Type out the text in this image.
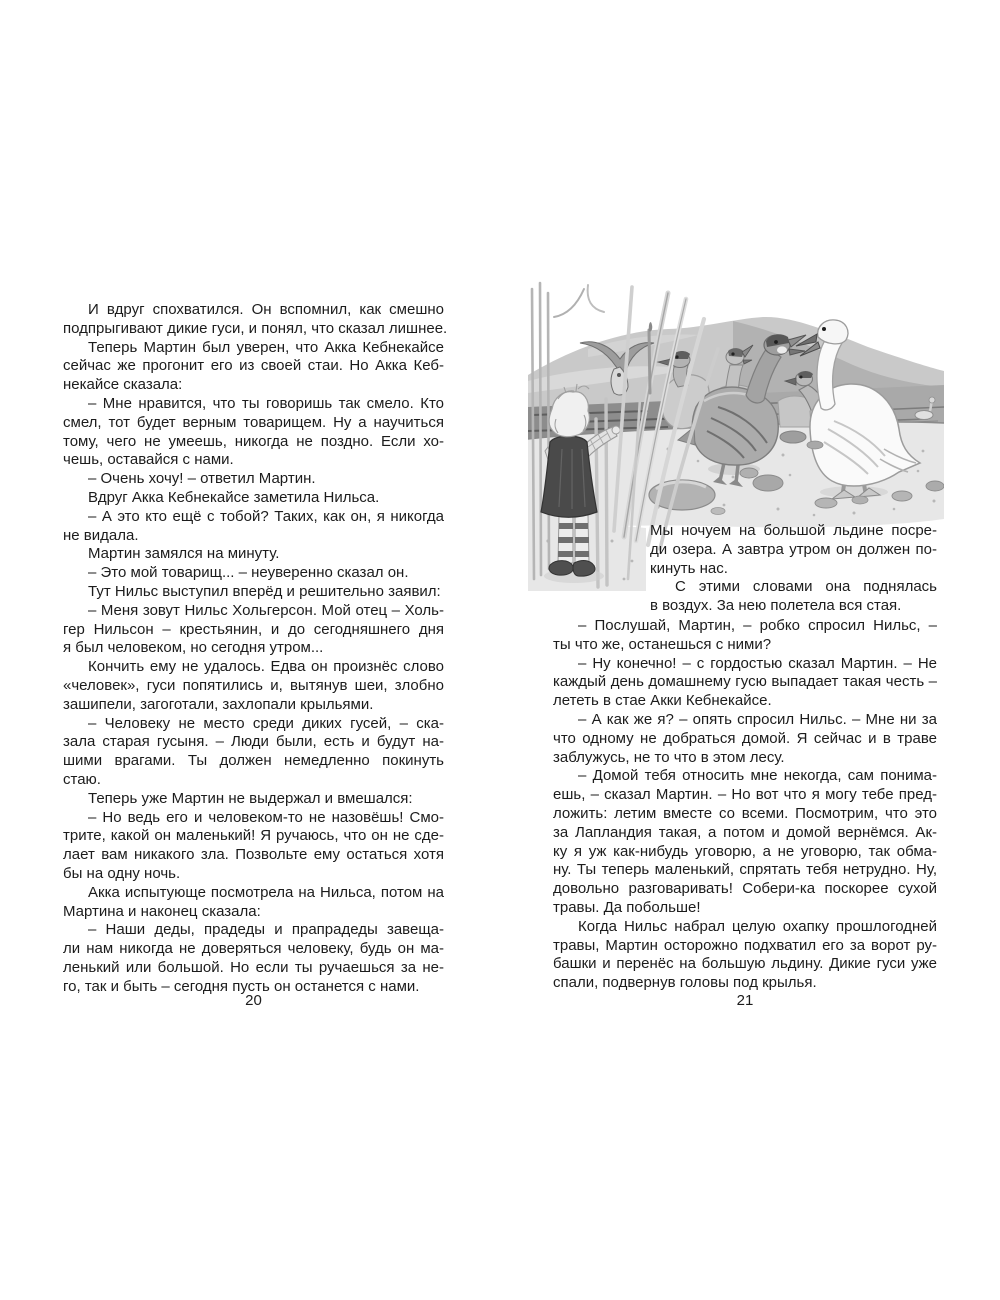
И вдруг спохватился. Он вспомнил, как смешно
подпрыгивают дикие гуси, и понял, что сказал лишнее.
Теперь Мартин был уверен, что Акка Кебнекайсе
сейчас же прогонит его из своей стаи. Но Акка Кеб-
некайсе сказала:
– Мне нравится, что ты говоришь так смело. Кто
смел, тот будет верным товарищем. Ну а научиться
тому, чего не умеешь, никогда не поздно. Если хо-
чешь, оставайся с нами.
– Очень хочу! – ответил Мартин.
Вдруг Акка Кебнекайсе заметила Нильса.
– А это кто ещё с тобой? Таких, как он, я никогда
не видала.
Мартин замялся на минуту.
– Это мой товарищ... – неуверенно сказал он.
Тут Нильс выступил вперёд и решительно заявил:
– Меня зовут Нильс Хольгерсон. Мой отец – Холь-
гер Нильсон – крестьянин, и до сегодняшнего дня
я был человеком, но сегодня утром...
Кончить ему не удалось. Едва он произнёс слово
«человек», гуси попятились и, вытянув шеи, злобно
зашипели, загоготали, захлопали крыльями.
– Человеку не место среди диких гусей, – ска-
зала старая гусыня. – Люди были, есть и будут на-
шими врагами. Ты должен немедленно покинуть
стаю.
Теперь уже Мартин не выдержал и вмешался:
– Но ведь его и человеком-то не назовёшь! Смо-
трите, какой он маленький! Я ручаюсь, что он не сде-
лает вам никакого зла. Позвольте ему остаться хотя
бы на одну ночь.
Акка испытующе посмотрела на Нильса, потом на
Мартина и наконец сказала:
– Наши деды, прадеды и прапрадеды завеща-
ли нам никогда не доверяться человеку, будь он ма-
ленький или большой. Но если ты ручаешься за не-
го, так и быть – сегодня пусть он останется с нами.
20
Мы ночуем на большой льдине посре-
ди озера. А завтра утром он должен по-
кинуть нас.
С этими словами она поднялась
в воздух. За нею полетела вся стая.
– Послушай, Мартин, – робко спросил Нильс, –
ты что же, останешься с ними?
– Ну конечно! – с гордостью сказал Мартин. – Не
каждый день домашнему гусю выпадает такая честь –
лететь в стае Акки Кебнекайсе.
– А как же я? – опять спросил Нильс. – Мне ни за
что одному не добраться домой. Я сейчас и в траве
заблужусь, не то что в этом лесу.
– Домой тебя относить мне некогда, сам понима-
ешь, – сказал Мартин. – Но вот что я могу тебе пред-
ложить: летим вместе со всеми. Посмотрим, что это
за Лапландия такая, а потом и домой вернёмся. Ак-
ку я уж как-нибудь уговорю, а не уговорю, так обма-
ну. Ты теперь маленький, спрятать тебя нетрудно. Ну,
довольно разговаривать! Собери-ка поскорее сухой
травы. Да побольше!
Когда Нильс набрал целую охапку прошлогодней
травы, Мартин осторожно подхватил его за ворот ру-
башки и перенёс на большую льдину. Дикие гуси уже
спали, подвернув головы под крылья.
21
